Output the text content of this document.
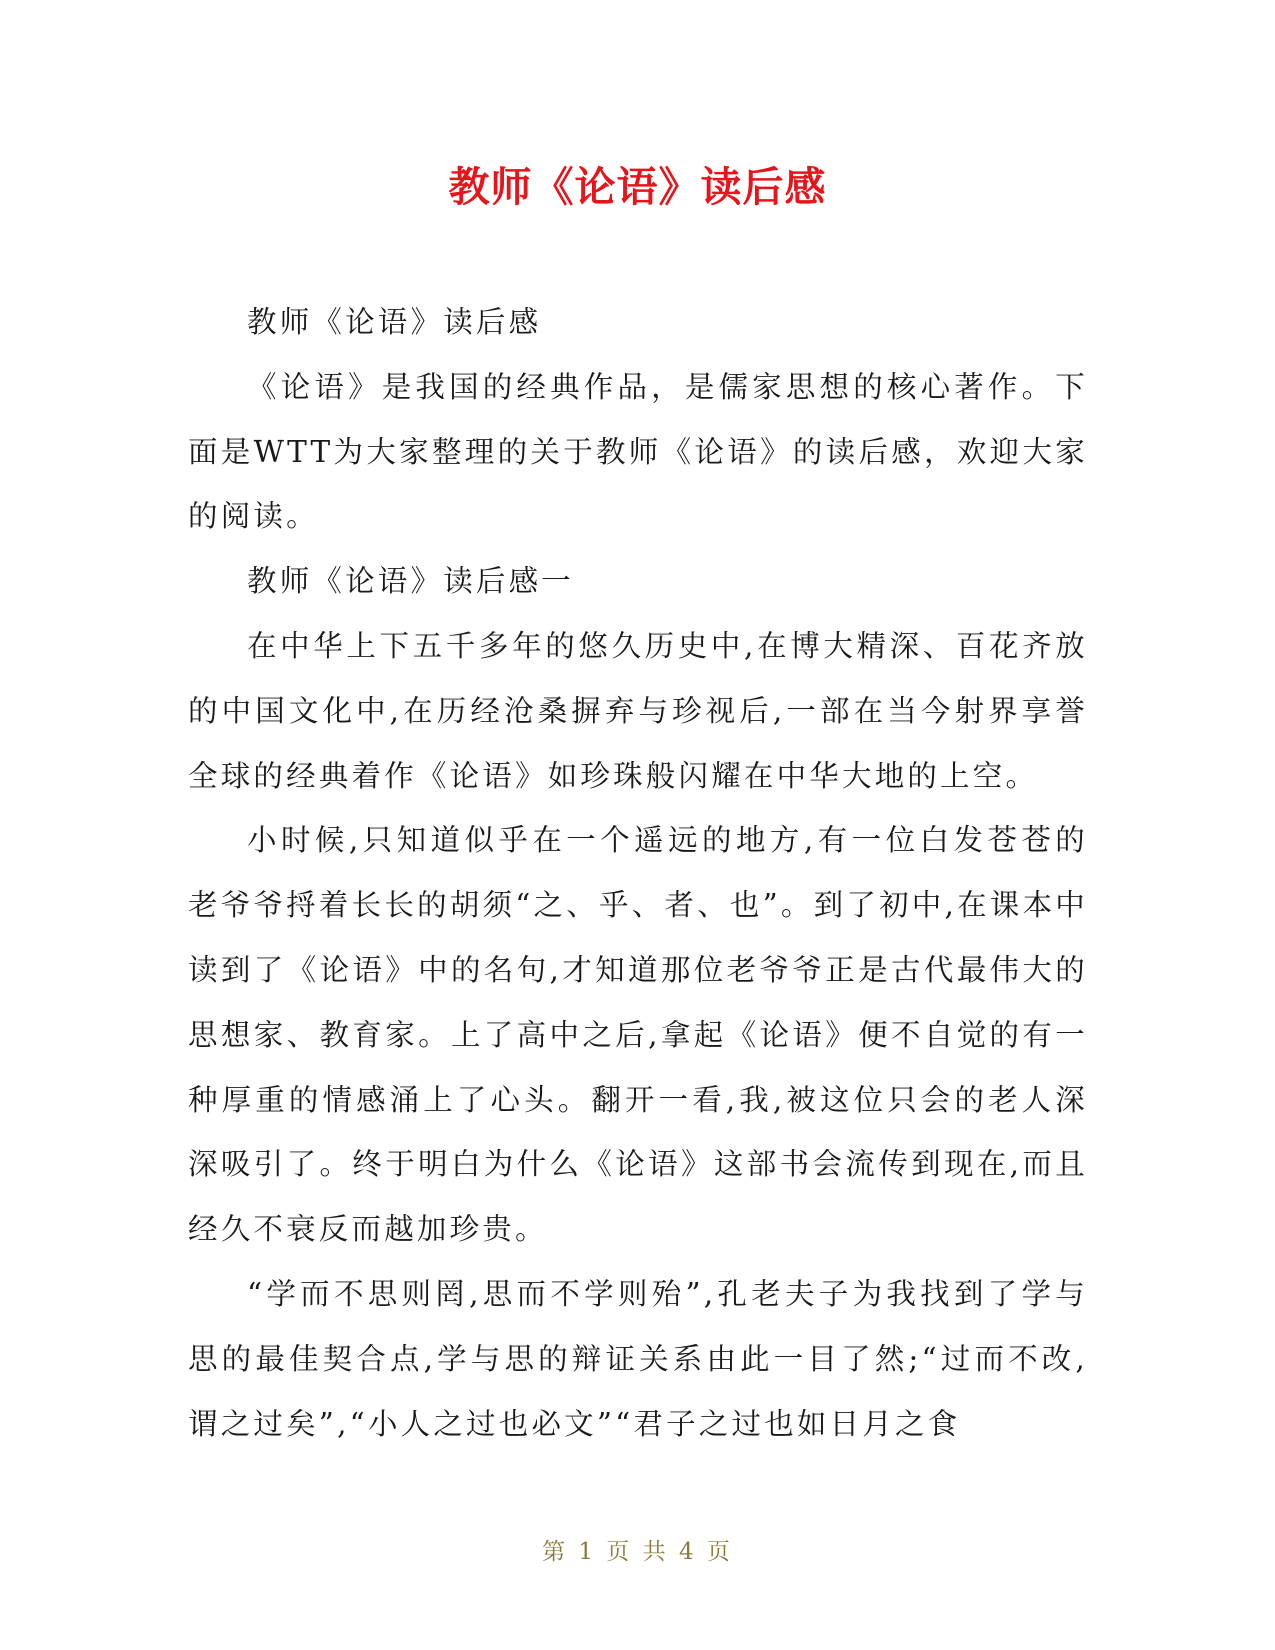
教师《论语》读后感

教师《论语》读后感

《论语》是我国的经典作品，是儒家思想的核心著作。下面是WTT为大家整理的关于教师《论语》的读后感，欢迎大家的阅读。

教师《论语》读后感一

在中华上下五千多年的悠久历史中,在博大精深、百花齐放的中国文化中,在历经沧桑摒弃与珍视后,一部在当今射界享誉全球的经典着作《论语》如珍珠般闪耀在中华大地的上空。

小时候,只知道似乎在一个遥远的地方,有一位白发苍苍的老爷爷捋着长长的胡须“之、乎、者、也”。到了初中,在课本中读到了《论语》中的名句,才知道那位老爷爷正是古代最伟大的思想家、教育家。上了高中之后,拿起《论语》便不自觉的有一种厚重的情感涌上了心头。翻开一看,我,被这位只会的老人深深吸引了。终于明白为什么《论语》这部书会流传到现在,而且经久不衰反而越加珍贵。

“学而不思则罔,思而不学则殆”,孔老夫子为我找到了学与思的最佳契合点,学与思的辩证关系由此一目了然;“过而不改,谓之过矣”,“小人之过也必文”“君子之过也如日月之食

第 1 页 共 4 页
